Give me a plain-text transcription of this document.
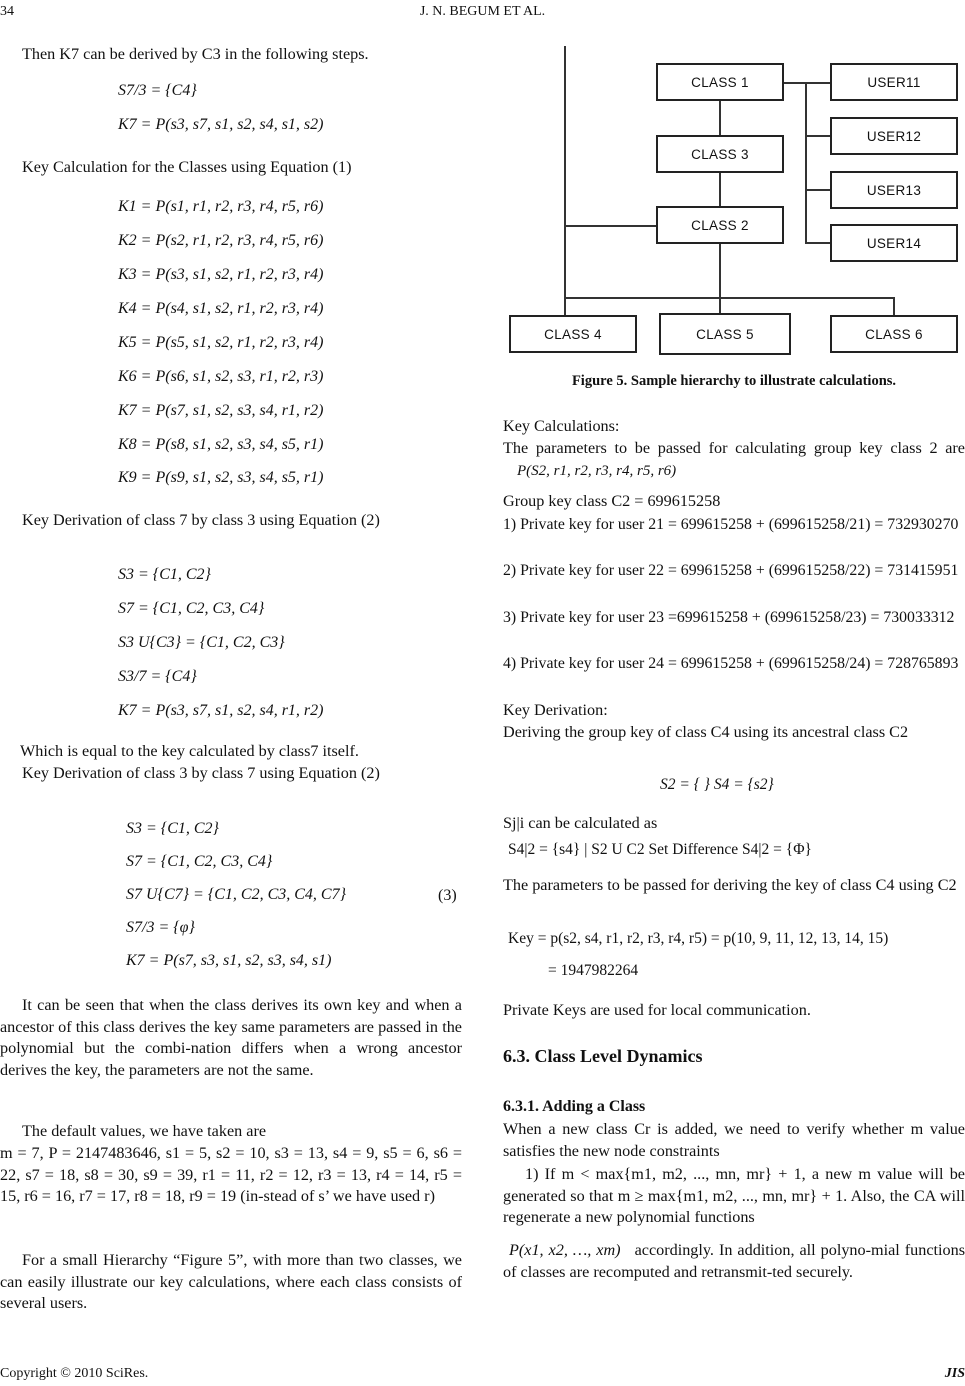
34	J. N. BEGUM ET AL.
Then K7 can be derived by C3 in the following steps.
S7/3 = {C4}
K7 = P(s3, s7, s1, s2, s4, s1, s2)
Key Calculation for the Classes using Equation (1)
K1 = P(s1, r1, r2, r3, r4, r5, r6)
K2 = P(s2, r1, r2, r3, r4, r5, r6)
K3 = P(s3, s1, s2, r1, r2, r3, r4)
K4 = P(s4, s1, s2, r1, r2, r3, r4)
K5 = P(s5, s1, s2, r1, r2, r3, r4)
K6 = P(s6, s1, s2, s3, r1, r2, r3)
K7 = P(s7, s1, s2, s3, s4, r1, r2)
K8 = P(s8, s1, s2, s3, s4, s5, r1)
K9 = P(s9, s1, s2, s3, s4, s5, r1)
Key Derivation of class 7 by class 3 using Equation (2)
S3 = {C1, C2}
S7 = {C1, C2, C3, C4}
S3 U{C3} = {C1, C2, C3}
S3/7 = {C4}
K7 = P(s3, s7, s1, s2, s4, r1, r2)
Which is equal to the key calculated by class7 itself.
Key Derivation of class 3 by class 7 using Equation (2)
S3 = {C1, C2}
S7 = {C1, C2, C3, C4}
S7 U{C7} = {C1, C2, C3, C4, C7}	(3)
S7/3 = {φ}
K7 = P(s7, s3, s1, s2, s3, s4, s1)
It can be seen that when the class derives its own key and when a ancestor of this class derives the key same parameters are passed in the polynomial but the combi-nation differs when a wrong ancestor derives the key, the parameters are not the same.
The default values, we have taken are
m = 7, P = 2147483646, s1 = 5, s2 = 10, s3 = 13, s4 = 9, s5 = 6, s6 = 22, s7 = 18, s8 = 30, s9 = 39, r1 = 11, r2 = 12, r3 = 13, r4 = 14, r5 = 15, r6 = 16, r7 = 17, r8 = 18, r9 = 19 (in-stead of s’ we have used r)
For a small Hierarchy “Figure 5”, with more than two classes, we can easily illustrate our key calculations, where each class consists of several users.
CLASS 1
CLASS 3
CLASS 2
USER11
USER12
USER13
USER14
CLASS 4	CLASS 5	CLASS 6
Figure 5. Sample hierarchy to illustrate calculations.
Key Calculations:
The parameters to be passed for calculating group key class 2 are P(S2, r1, r2, r3, r4, r5, r6)
Group key class C2 = 699615258
1) Private key for user 21 = 699615258 + (699615258/21) = 732930270
2) Private key for user 22 = 699615258 + (699615258/22) = 731415951
3) Private key for user 23 =699615258 + (699615258/23) = 730033312
4) Private key for user 24 = 699615258 + (699615258/24) = 728765893
Key Derivation:
Deriving the group key of class C4 using its ancestral class C2
S2 = { } S4 = {s2}
Sj|i can be calculated as
S4|2 = {s4} | S2 U C2 Set Difference S4|2 = {Φ}
The parameters to be passed for deriving the key of class C4 using C2
Key = p(s2, s4, r1, r2, r3, r4, r5) = p(10, 9, 11, 12, 13, 14, 15)
= 1947982264
Private Keys are used for local communication.
6.3. Class Level Dynamics
6.3.1. Adding a Class
When a new class Cr is added, we need to verify whether m value satisfies the new node constraints
1) If m < max{m1, m2, ..., mn, mr} + 1, a new m value will be generated so that m ≥ max{m1, m2, ..., mn, mr} + 1. Also, the CA will regenerate a new polynomial functions
P(x1, x2, …, xm) accordingly. In addition, all polyno-mial functions of classes are recomputed and retransmit-ted securely.
Copyright © 2010 SciRes.	JIS
